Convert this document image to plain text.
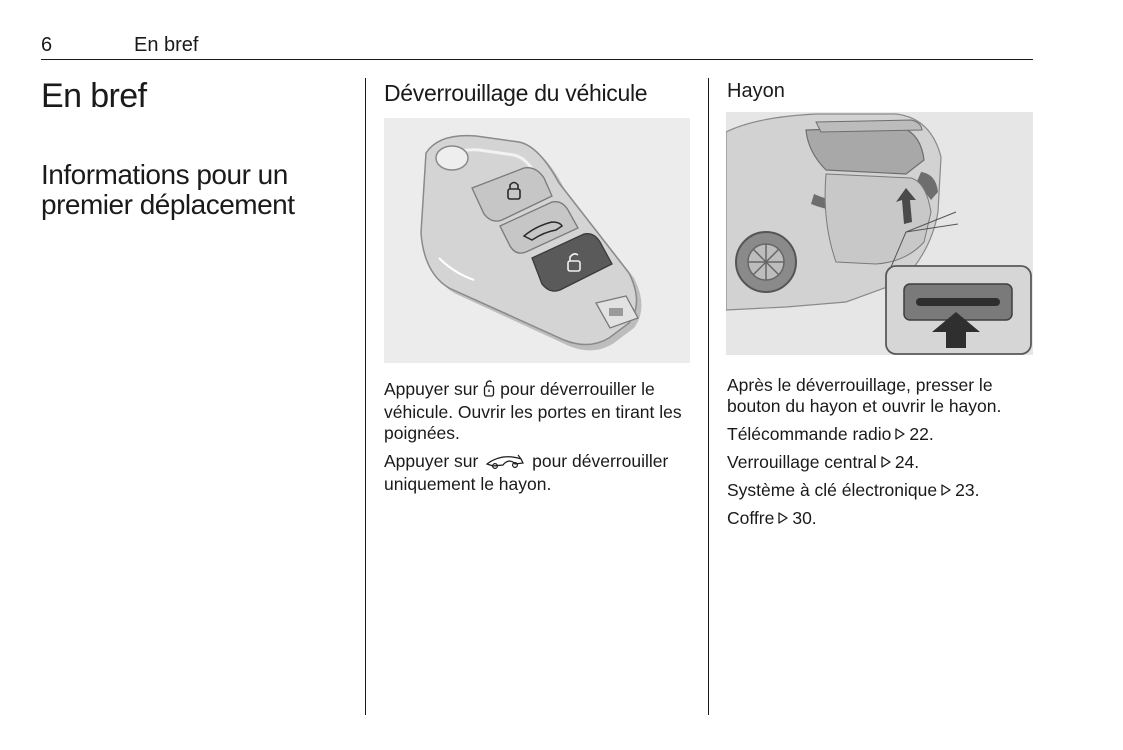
6	En bref
En bref
Informations pour un premier déplacement
Déverrouillage du véhicule

Appuyer sur pour déverrouiller le véhicule. Ouvrir les portes en tirant les poignées.

Appuyer sur	pour déverrouiller uniquement le hayon.

Hayon

Après le déverrouillage, presser le bouton du hayon et ouvrir le hayon.

Télécommande radio 22.

Verrouillage central 24.

Système à clé électronique 23.

Coffre 30.
